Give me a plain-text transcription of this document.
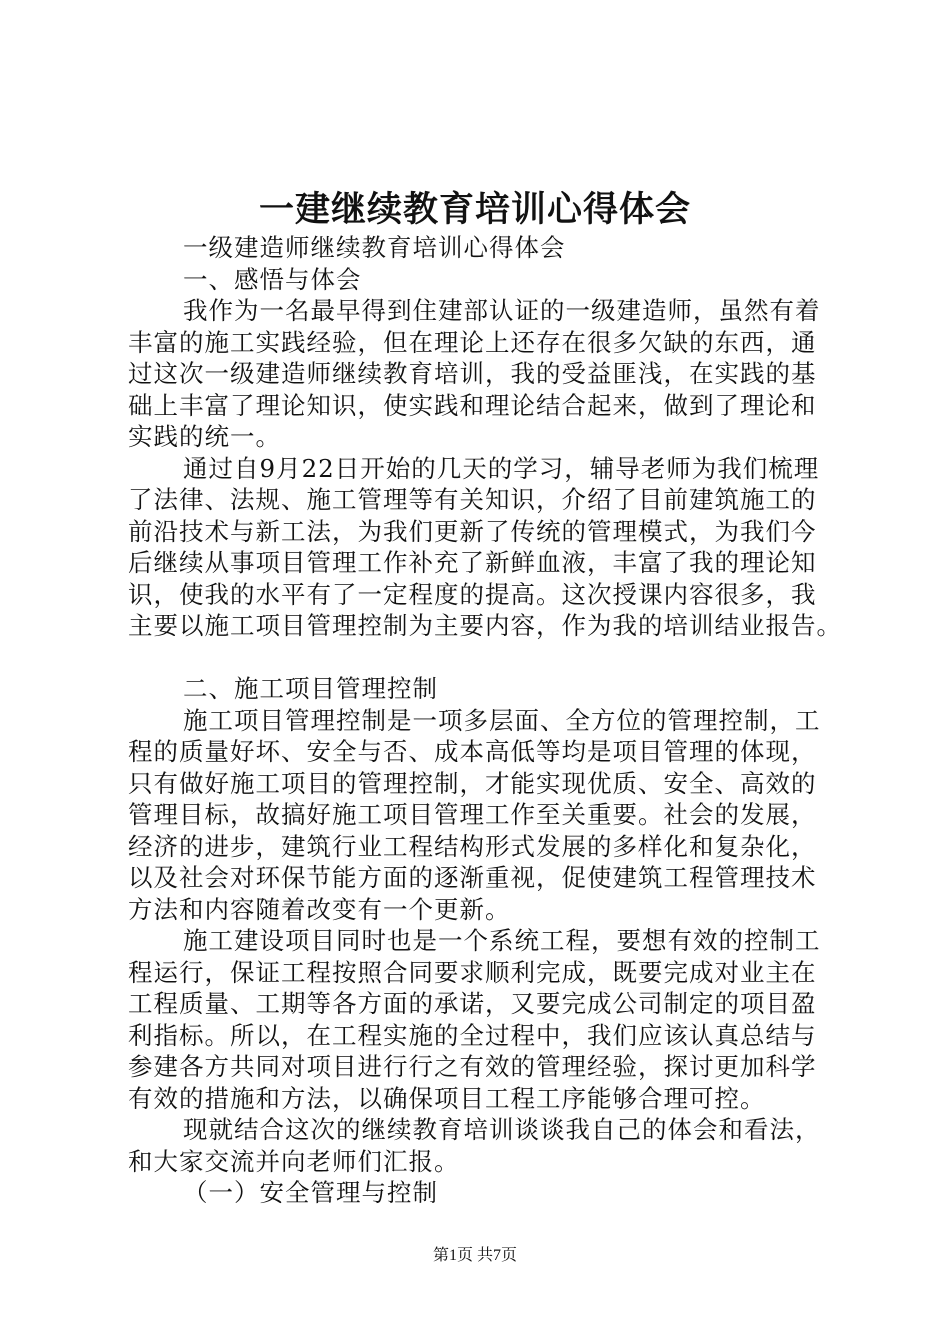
一建继续教育培训心得体会

一级建造师继续教育培训心得体会

一、感悟与体会

我作为一名最早得到住建部认证的一级建造师，虽然有着

丰富的施工实践经验，但在理论上还存在很多欠缺的东西，通

过这次一级建造师继续教育培训，我的受益匪浅，在实践的基

础上丰富了理论知识，使实践和理论结合起来，做到了理论和

实践的统一。

通过自9月22日开始的几天的学习，辅导老师为我们梳理

了法律、法规、施工管理等有关知识，介绍了目前建筑施工的

前沿技术与新工法，为我们更新了传统的管理模式，为我们今

后继续从事项目管理工作补充了新鲜血液，丰富了我的理论知

识，使我的水平有了一定程度的提高。这次授课内容很多，我

主要以施工项目管理控制为主要内容，作为我的培训结业报告。

二、施工项目管理控制

施工项目管理控制是一项多层面、全方位的管理控制，工

程的质量好坏、安全与否、成本高低等均是项目管理的体现，

只有做好施工项目的管理控制，才能实现优质、安全、高效的

管理目标，故搞好施工项目管理工作至关重要。社会的发展，

经济的进步，建筑行业工程结构形式发展的多样化和复杂化，

以及社会对环保节能方面的逐渐重视，促使建筑工程管理技术

方法和内容随着改变有一个更新。

施工建设项目同时也是一个系统工程，要想有效的控制工

程运行，保证工程按照合同要求顺利完成，既要完成对业主在

工程质量、工期等各方面的承诺，又要完成公司制定的项目盈

利指标。所以，在工程实施的全过程中，我们应该认真总结与

参建各方共同对项目进行行之有效的管理经验，探讨更加科学

有效的措施和方法，以确保项目工程工序能够合理可控。

现就结合这次的继续教育培训谈谈我自己的体会和看法，

和大家交流并向老师们汇报。

（一）安全管理与控制

第1页 共7页
